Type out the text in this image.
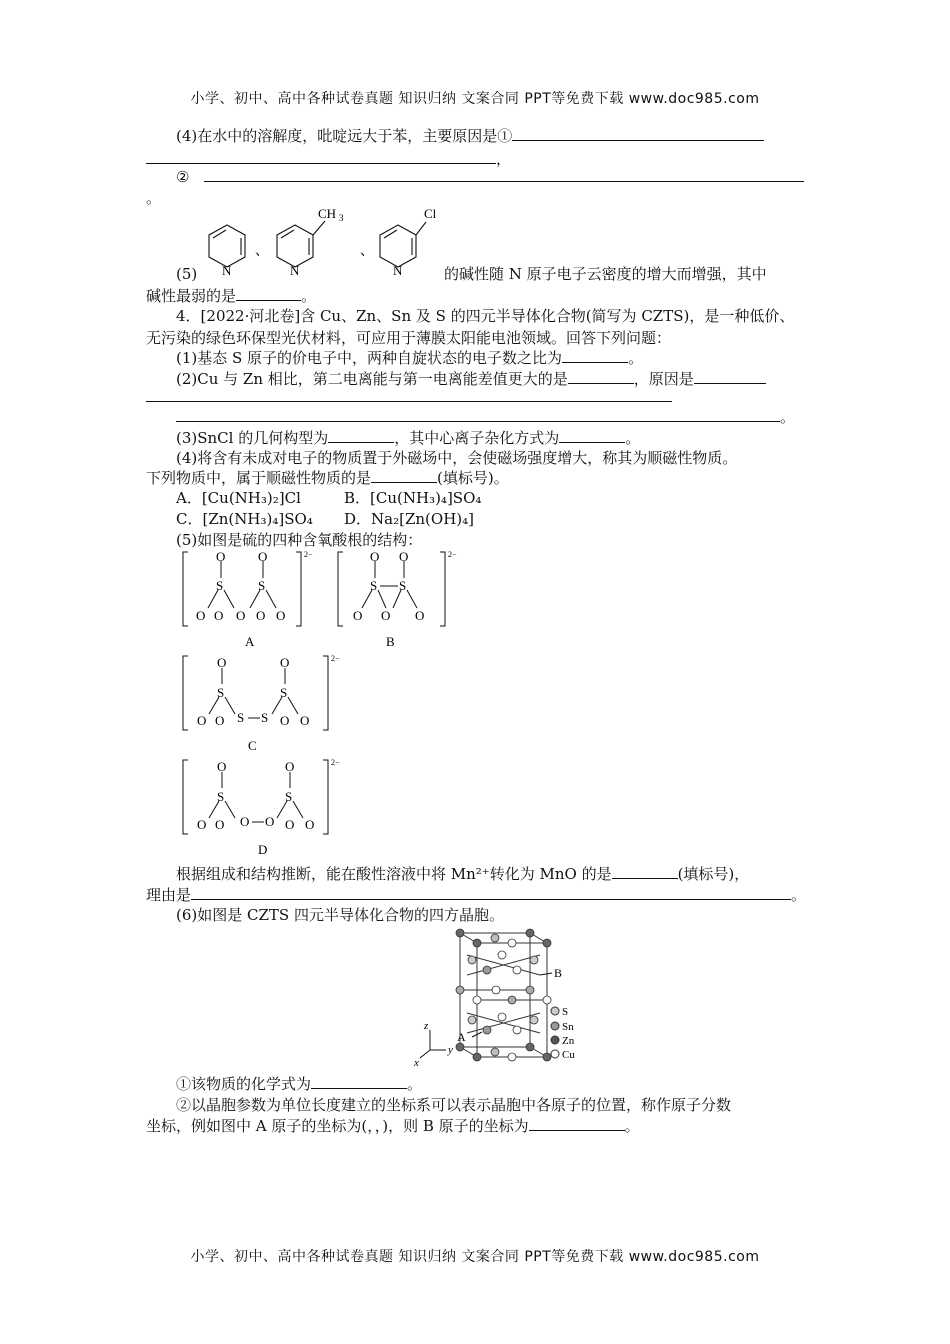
小学、初中、高中各种试卷真题 知识归纳 文案合同 PPT等免费下载 www.doc985.com
(4)在水中的溶解度，吡啶远大于苯，主要原因是①
，
②
。
(5) N
、
N
CH 3
、
N
Cl
的碱性随 N 原子电子云密度的增大而增强，其中
碱性最弱的是	。
4．[2022·河北卷]含 Cu、Zn、Sn 及 S 的四元半导体化合物(简写为 CZTS)，是一种低价、
无污染的绿色环保型光伏材料，可应用于薄膜太阳能电池领域。回答下列问题：
(1)基态 S 原子的价电子中，两种自旋状态的电子数之比为	。
(2)Cu 与 Zn 相比，第二电离能与第一电离能差值更大的是	，原因是
。
(3)SnCl 的几何构型为	，其中心离子杂化方式为	。
(4)将含有未成对电子的物质置于外磁场中，会使磁场强度增大，称其为顺磁性物质。
下列物质中，属于顺磁性物质的是	(填标号)。
A．[Cu(NH₃)₂]Cl	B．[Cu(NH₃)₄]SO₄
C．[Zn(NH₃)₄]SO₄ D．Na₂[Zn(OH)₄]
(5)如图是硫的四种含氧酸根的结构：
O	O
S	S
O O O O O
A
O O
S S
O O O
B
2−	2−
O	O
S	S
O O S S O O
C
2−
O	O
S	S
O O O O O O
D
2−
根据组成和结构推断，能在酸性溶液中将 Mn²⁺转化为 MnO 的是	(填标号)，
理由是	。
(6)如图是 CZTS 四元半导体化合物的四方晶胞。
A
B
z
y
x
S
Sn
Zn
Cu
①该物质的化学式为	。
②以晶胞参数为单位长度建立的坐标系可以表示晶胞中各原子的位置，称作原子分数
坐标，例如图中 A 原子的坐标为(，，)，则 B 原子的坐标为	。
小学、初中、高中各种试卷真题 知识归纳 文案合同 PPT等免费下载 www.doc985.com
